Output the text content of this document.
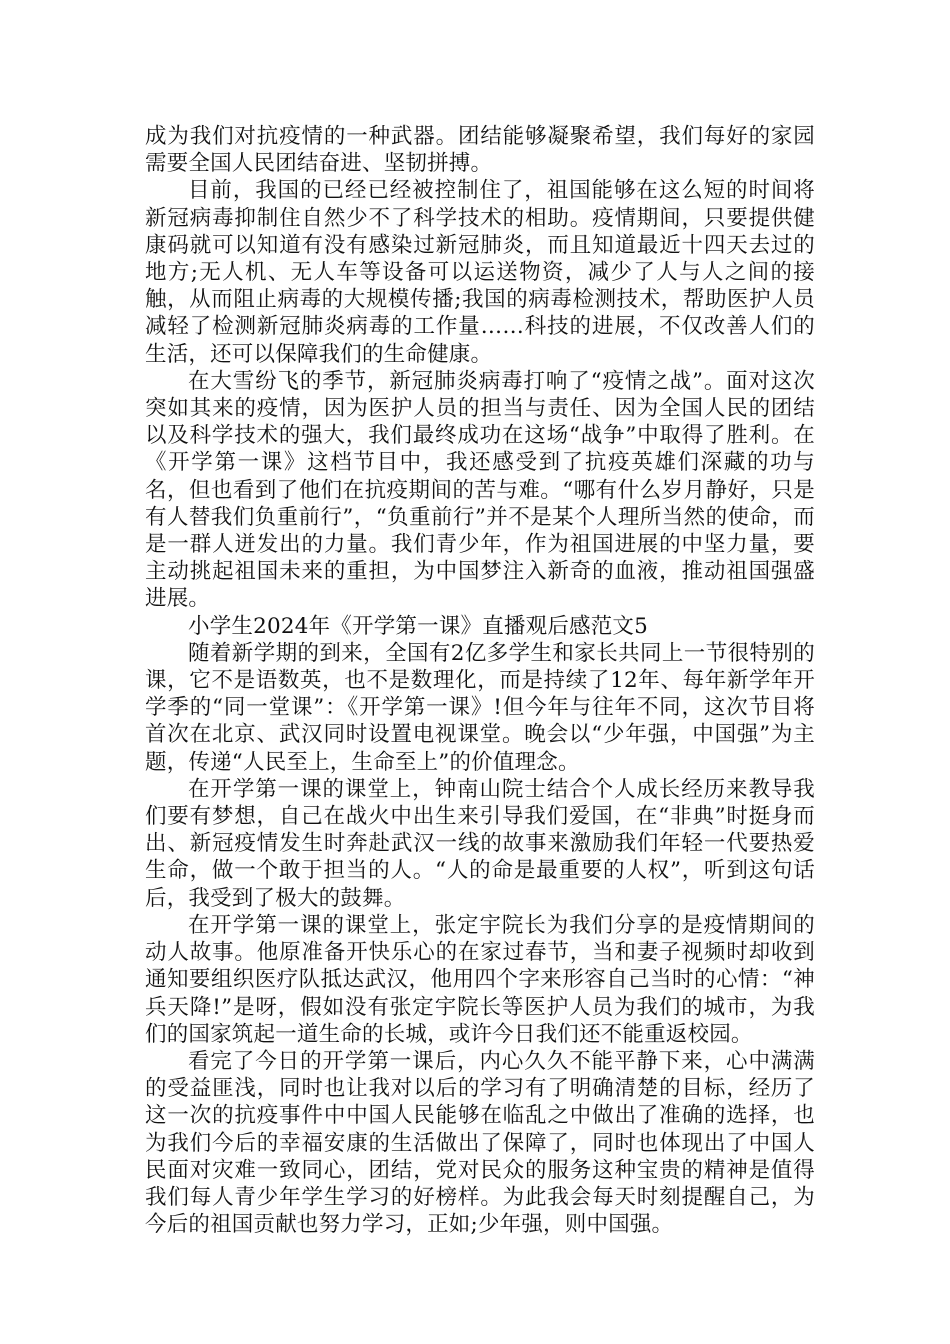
成为我们对抗疫情的一种武器。团结能够凝聚希望，我们每好的家园需要全国人民团结奋进、坚韧拼搏。

目前，我国的已经已经被控制住了，祖国能够在这么短的时间将新冠病毒抑制住自然少不了科学技术的相助。疫情期间，只要提供健康码就可以知道有没有感染过新冠肺炎，而且知道最近十四天去过的地方;无人机、无人车等设备可以运送物资，减少了人与人之间的接触，从而阻止病毒的大规模传播;我国的病毒检测技术，帮助医护人员减轻了检测新冠肺炎病毒的工作量……科技的进展，不仅改善人们的生活，还可以保障我们的生命健康。

在大雪纷飞的季节，新冠肺炎病毒打响了“疫情之战”。面对这次突如其来的疫情，因为医护人员的担当与责任、因为全国人民的团结以及科学技术的强大，我们最终成功在这场“战争”中取得了胜利。在《开学第一课》这档节目中，我还感受到了抗疫英雄们深藏的功与名，但也看到了他们在抗疫期间的苦与难。“哪有什么岁月静好，只是有人替我们负重前行”，“负重前行”并不是某个人理所当然的使命，而是一群人迸发出的力量。我们青少年，作为祖国进展的中坚力量，要主动挑起祖国未来的重担，为中国梦注入新奇的血液，推动祖国强盛进展。

小学生2024年《开学第一课》直播观后感范文5

随着新学期的到来，全国有2亿多学生和家长共同上一节很特别的课，它不是语数英，也不是数理化，而是持续了12年、每年新学年开学季的“同一堂课”：《开学第一课》!但今年与往年不同，这次节目将首次在北京、武汉同时设置电视课堂。晚会以“少年强，中国强”为主题，传递“人民至上，生命至上”的价值理念。

在开学第一课的课堂上，钟南山院士结合个人成长经历来教导我们要有梦想，自己在战火中出生来引导我们爱国，在“非典”时挺身而出、新冠疫情发生时奔赴武汉一线的故事来激励我们年轻一代要热爱生命，做一个敢于担当的人。“人的命是最重要的人权”，听到这句话后，我受到了极大的鼓舞。

在开学第一课的课堂上，张定宇院长为我们分享的是疫情期间的动人故事。他原准备开快乐心的在家过春节，当和妻子视频时却收到通知要组织医疗队抵达武汉，他用四个字来形容自己当时的心情：“神兵天降!”是呀，假如没有张定宇院长等医护人员为我们的城市，为我们的国家筑起一道生命的长城，或许今日我们还不能重返校园。

看完了今日的开学第一课后，内心久久不能平静下来，心中满满的受益匪浅，同时也让我对以后的学习有了明确清楚的目标，经历了这一次的抗疫事件中中国人民能够在临乱之中做出了准确的选择，也为我们今后的幸福安康的生活做出了保障了，同时也体现出了中国人民面对灾难一致同心，团结，党对民众的服务这种宝贵的精神是值得我们每人青少年学生学习的好榜样。为此我会每天时刻提醒自己，为今后的祖国贡献也努力学习，正如;少年强，则中国强。
